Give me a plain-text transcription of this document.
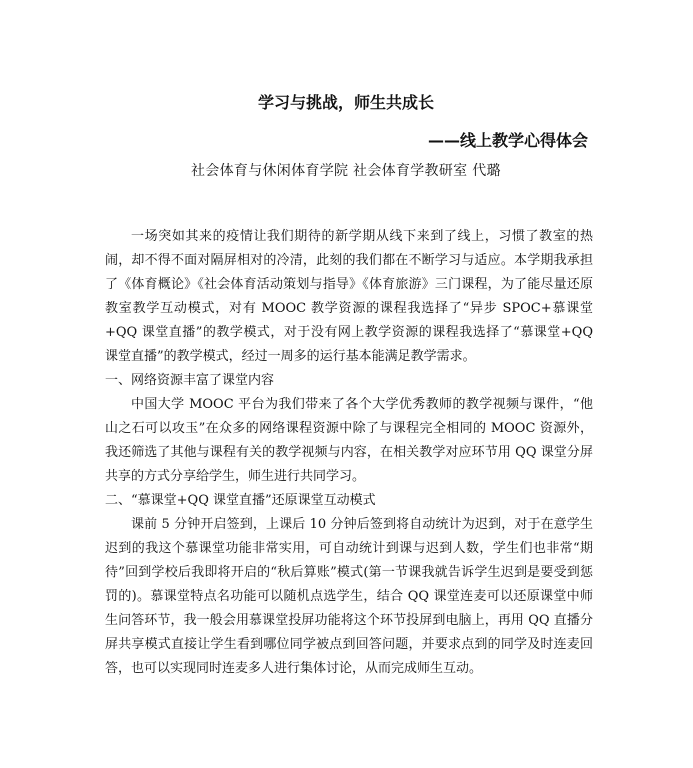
学习与挑战，师生共成长
——线上教学心得体会
社会体育与休闲体育学院 社会体育学教研室 代璐

一场突如其来的疫情让我们期待的新学期从线下来到了线上，习惯了教室的热闹，却不得不面对隔屏相对的冷清，此刻的我们都在不断学习与适应。本学期我承担了《体育概论》《社会体育活动策划与指导》《体育旅游》三门课程，为了能尽量还原教室教学互动模式，对有 MOOC 教学资源的课程我选择了“异步 SPOC+慕课堂+QQ 课堂直播”的教学模式，对于没有网上教学资源的课程我选择了“慕课堂+QQ 课堂直播”的教学模式，经过一周多的运行基本能满足教学需求。

一、网络资源丰富了课堂内容

中国大学 MOOC 平台为我们带来了各个大学优秀教师的教学视频与课件，“他山之石可以攻玉”在众多的网络课程资源中除了与课程完全相同的 MOOC 资源外，我还筛选了其他与课程有关的教学视频与内容，在相关教学对应环节用 QQ 课堂分屏共享的方式分享给学生，师生进行共同学习。

二、“慕课堂+QQ 课堂直播”还原课堂互动模式

课前 5 分钟开启签到，上课后 10 分钟后签到将自动统计为迟到，对于在意学生迟到的我这个慕课堂功能非常实用，可自动统计到课与迟到人数，学生们也非常“期待”回到学校后我即将开启的“秋后算账”模式(第一节课我就告诉学生迟到是要受到惩罚的)。慕课堂特点名功能可以随机点选学生，结合 QQ 课堂连麦可以还原课堂中师生问答环节，我一般会用慕课堂投屏功能将这个环节投屏到电脑上，再用 QQ 直播分屏共享模式直接让学生看到哪位同学被点到回答问题，并要求点到的同学及时连麦回答，也可以实现同时连麦多人进行集体讨论，从而完成师生互动。
